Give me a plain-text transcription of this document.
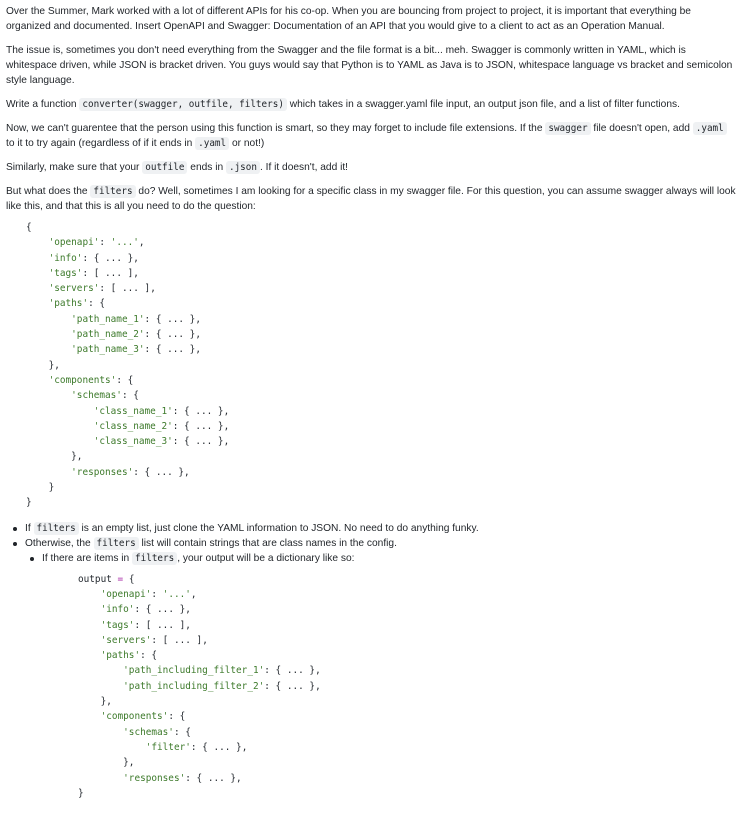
Over the Summer, Mark worked with a lot of different APIs for his co-op. When you are bouncing from project to project, it is important that everything be organized and documented. Insert OpenAPI and Swagger: Documentation of an API that you would give to a client to act as an Operation Manual.

The issue is, sometimes you don't need everything from the Swagger and the file format is a bit... meh. Swagger is commonly written in YAML, which is whitespace driven, while JSON is bracket driven. You guys would say that Python is to YAML as Java is to JSON, whitespace language vs bracket and semicolon style language.

Write a function converter(swagger, outfile, filters) which takes in a swagger.yaml file input, an output json file, and a list of filter functions.

Now, we can't guarentee that the person using this function is smart, so they may forget to include file extensions. If the swagger file doesn't open, add .yaml to it to try again (regardless of if it ends in .yaml or not!)

Similarly, make sure that your outfile ends in .json . If it doesn't, add it!

But what does the filters do? Well, sometimes I am looking for a specific class in my swagger file. For this question, you can assume swagger always will look like this, and that this is all you need to do the question:

{
'openapi': '...',
'info': { ... },
'tags': [ ... ],
'servers': [ ... ],
'paths': {
'path_name_1': { ... },
'path_name_2': { ... },
'path_name_3': { ... },
},
'components': {
'schemas': {
'class_name_1': { ... },
'class_name_2': { ... },
'class_name_3': { ... },
},
'responses': { ... },
}
}
If filters is an empty list, just clone the YAML information to JSON. No need to do anything funky.
Otherwise, the filters list will contain strings that are class names in the config.
If there are items in filters , your output will be a dictionary like so:
output = {
'openapi': '...',
'info': { ... },
'tags': [ ... ],
'servers': [ ... ],
'paths': {
'path_including_filter_1': { ... },
'path_including_filter_2': { ... },
},
'components': {
'schemas': {
'filter': { ... },
},
'responses': { ... },
}
